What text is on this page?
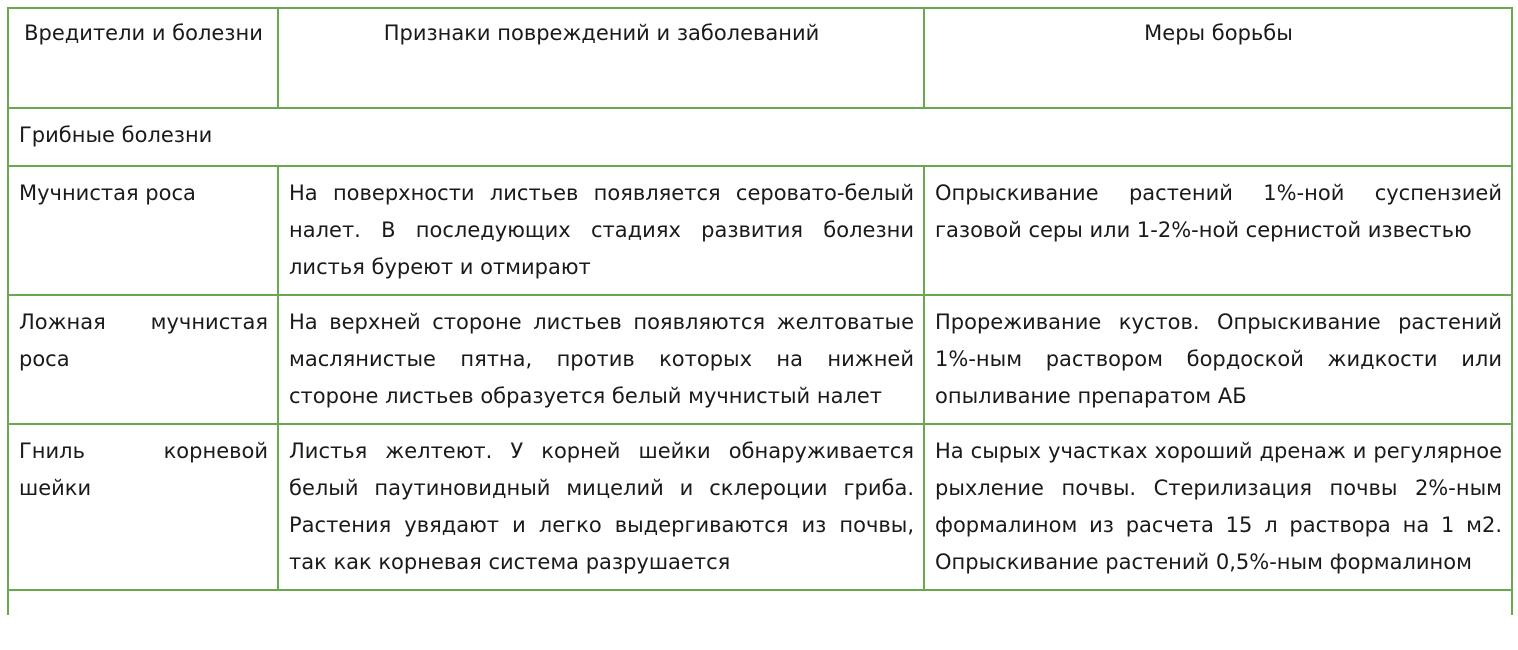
Вредители и болезни	Признаки повреждений и заболеваний	Меры борьбы
Грибные болезни		
Мучнистая роса	На поверхности листьев появляется серовато-белый налет. В последующих стадиях развития болезни листья буреют и отмирают	Опрыскивание растений 1%-ной суспензией газовой серы или 1-2%-ной сернистой известью
Ложная мучнистая роса	На верхней стороне листьев появляются желтоватые маслянистые пятна, против которых на нижней стороне листьев образуется белый мучнистый налет	Прореживание кустов. Опрыскивание растений 1%-ным раствором бордоской жидкости или опыливание препаратом АБ
Гниль корневой шейки	Листья желтеют. У корней шейки обнаруживается белый паутиновидный мицелий и склероции гриба. Растения увядают и легко выдергиваются из почвы, так как корневая система разрушается	На сырых участках хороший дренаж и регулярное рыхление почвы. Стерилизация почвы 2%-ным формалином из расчета 15 л раствора на 1 м2. Опрыскивание растений 0,5%-ным формалином
